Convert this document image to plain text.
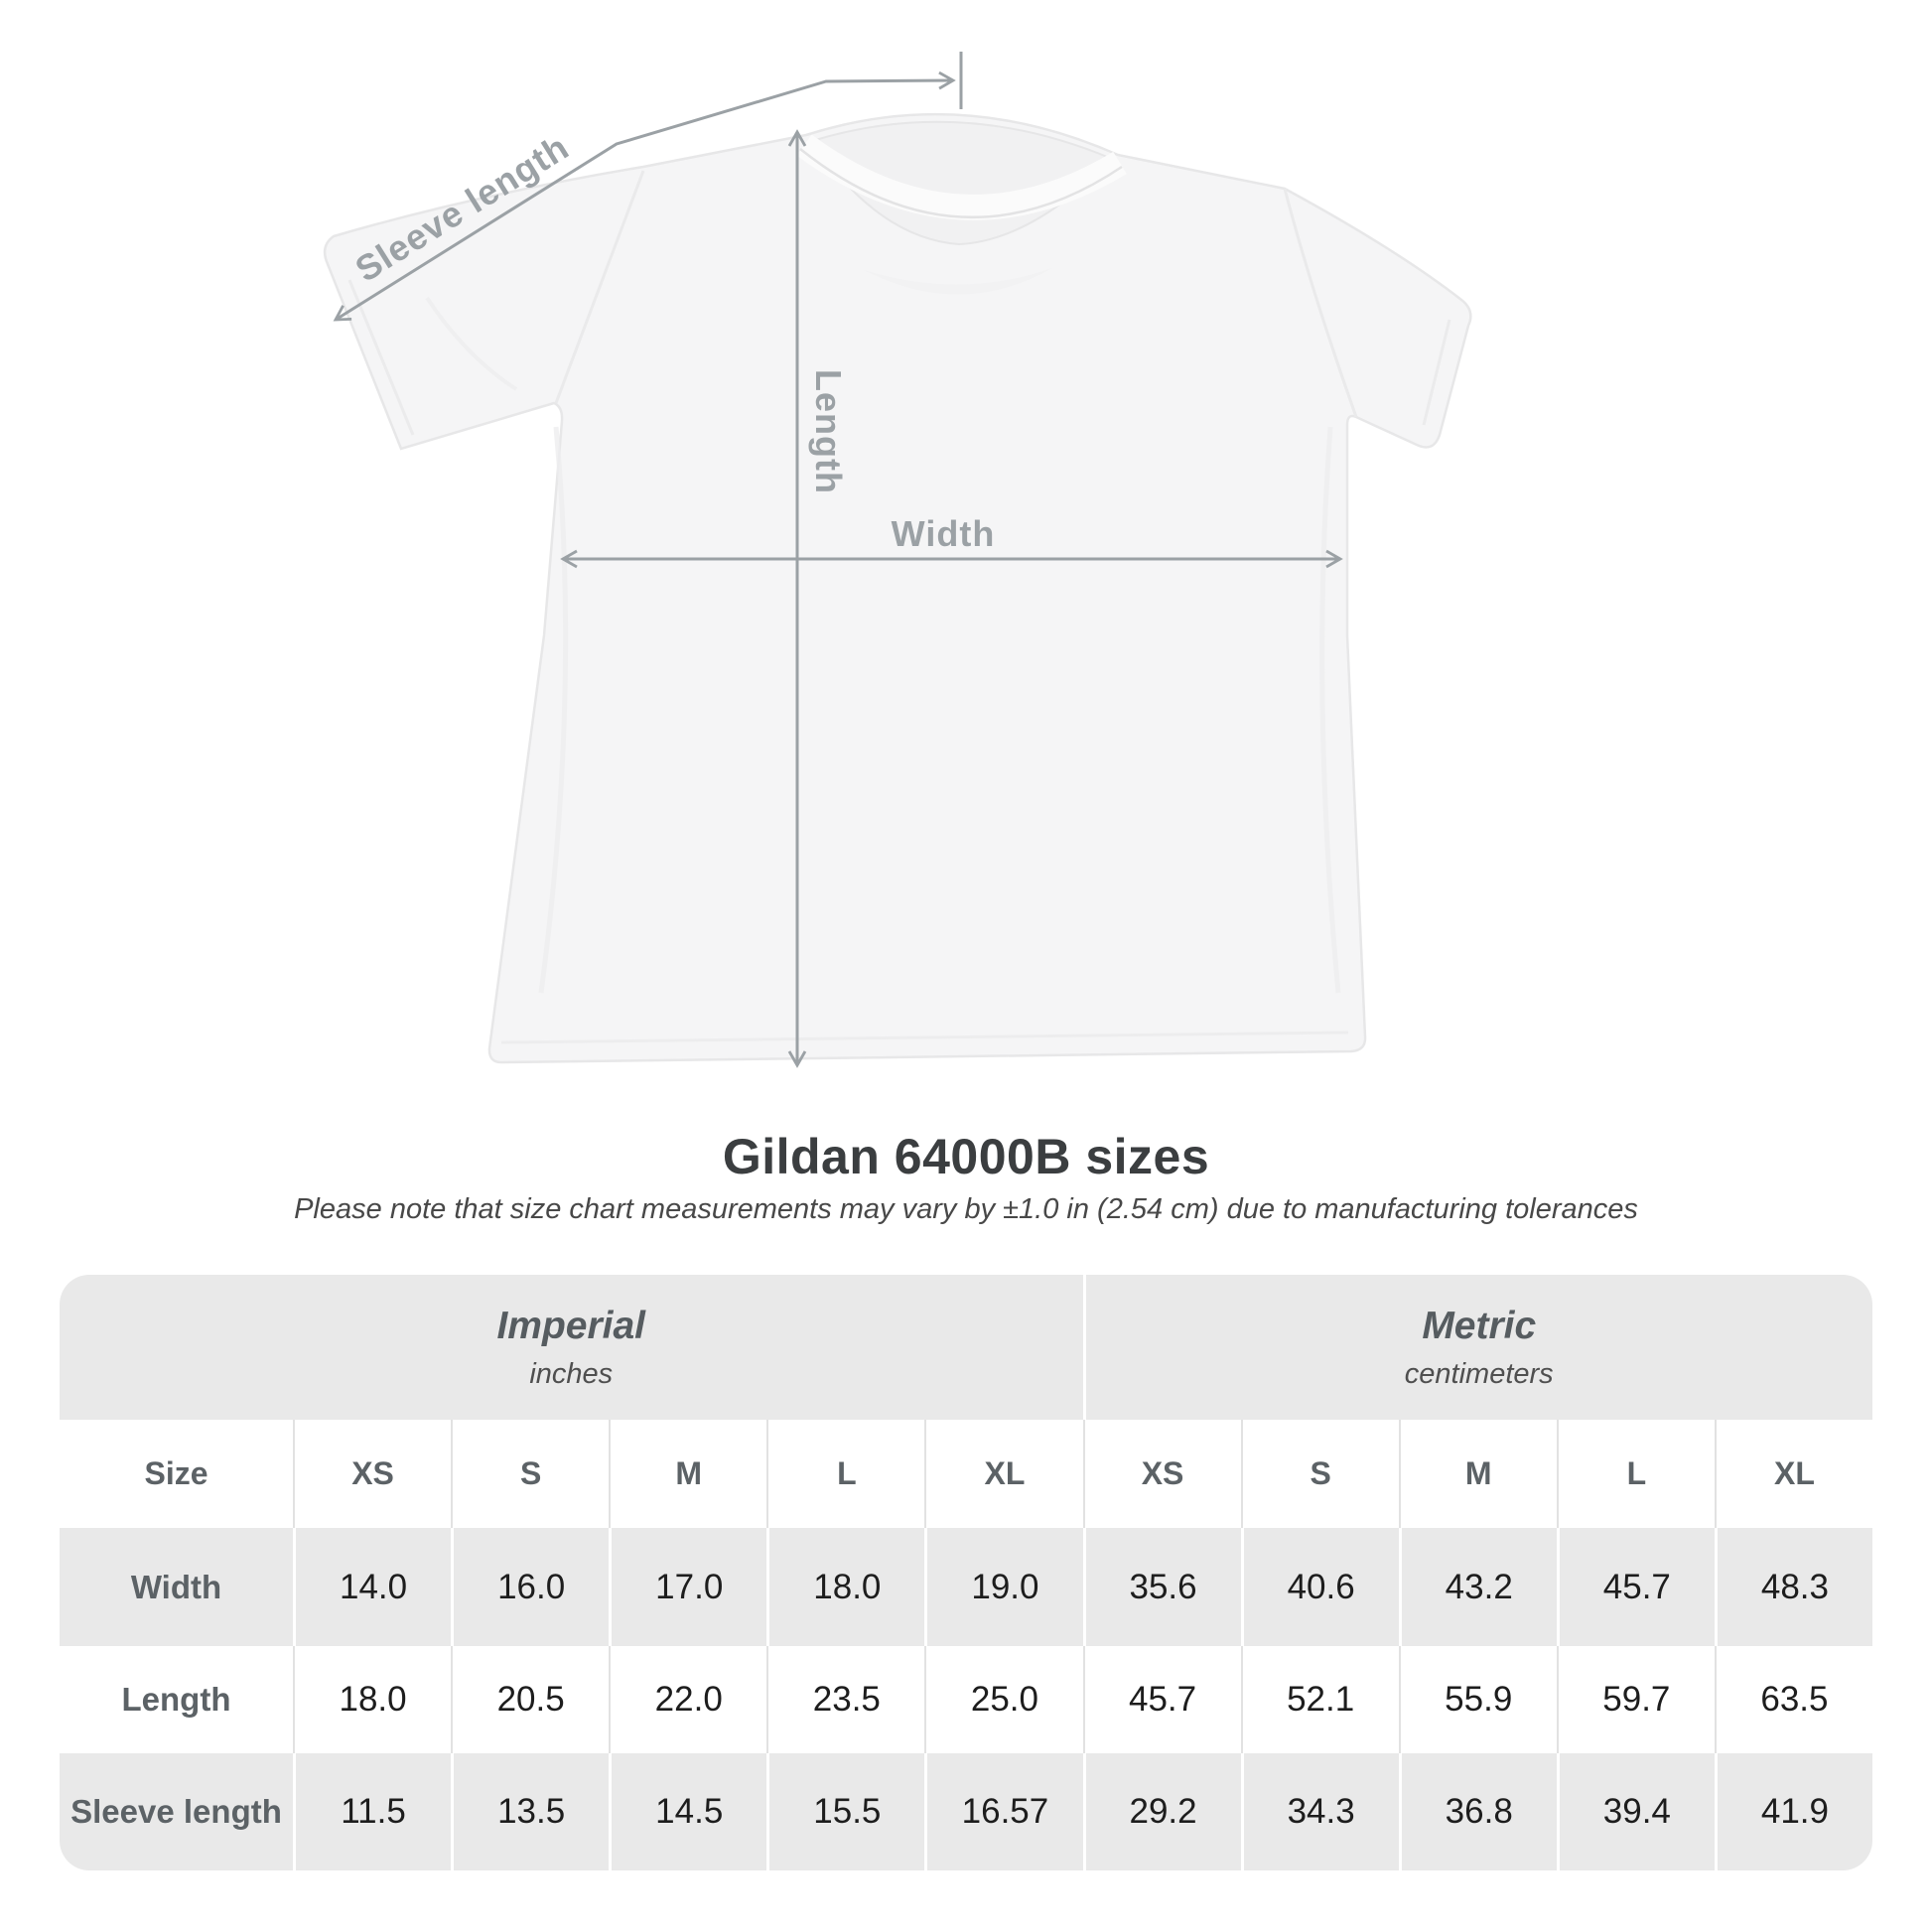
Sleeve length
Length
Width
Gildan 64000B sizes
Please note that size chart measurements may vary by ±1.0 in (2.54 cm) due to manufacturing tolerances
Imperial
inches
Metric
centimeters
Size	XS	S	M	L	XL	XS	S	M	L	XL
Width	14.0	16.0	17.0	18.0	19.0	35.6	40.6	43.2	45.7	48.3
Length	18.0	20.5	22.0	23.5	25.0	45.7	52.1	55.9	59.7	63.5
Sleeve length	11.5	13.5	14.5	15.5	16.57	29.2	34.3	36.8	39.4	41.9
